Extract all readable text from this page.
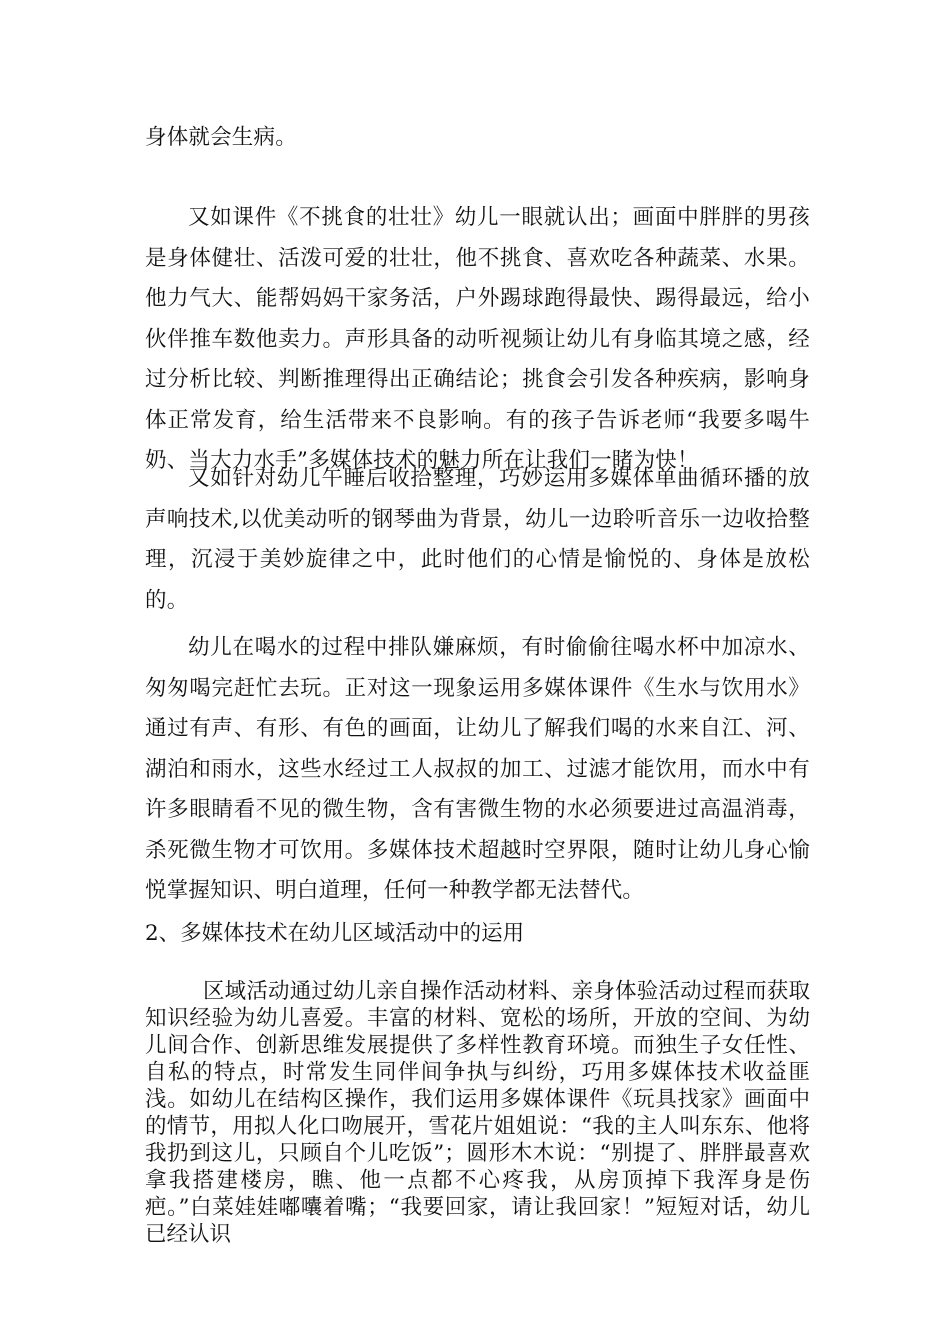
身体就会生病。

又如课件《不挑食的壮壮》幼儿一眼就认出；画面中胖胖的男孩是身体健壮、活泼可爱的壮壮，他不挑食、喜欢吃各种蔬菜、水果。他力气大、能帮妈妈干家务活，户外踢球跑得最快、踢得最远，给小伙伴推车数他卖力。声形具备的动听视频让幼儿有身临其境之感，经过分析比较、判断推理得出正确结论；挑食会引发各种疾病，影响身体正常发育，给生活带来不良影响。有的孩子告诉老师“我要多喝牛奶、当大力水手”多媒体技术的魅力所在让我们一睹为快！

又如针对幼儿午睡后收拾整理，巧妙运用多媒体单曲循环播的放声响技术,以优美动听的钢琴曲为背景，幼儿一边聆听音乐一边收拾整理，沉浸于美妙旋律之中，此时他们的心情是愉悦的、身体是放松的。

幼儿在喝水的过程中排队嫌麻烦，有时偷偷往喝水杯中加凉水、匆匆喝完赶忙去玩。正对这一现象运用多媒体课件《生水与饮用水》通过有声、有形、有色的画面，让幼儿了解我们喝的水来自江、河、湖泊和雨水，这些水经过工人叔叔的加工、过滤才能饮用，而水中有许多眼睛看不见的微生物，含有害微生物的水必须要进过高温消毒，杀死微生物才可饮用。多媒体技术超越时空界限，随时让幼儿身心愉悦掌握知识、明白道理，任何一种教学都无法替代。

2、多媒体技术在幼儿区域活动中的运用

区域活动通过幼儿亲自操作活动材料、亲身体验活动过程而获取知识经验为幼儿喜爱。丰富的材料、宽松的场所，开放的空间、为幼儿间合作、创新思维发展提供了多样性教育环境。而独生子女任性、自私的特点，时常发生同伴间争执与纠纷，巧用多媒体技术收益匪浅。如幼儿在结构区操作，我们运用多媒体课件《玩具找家》画面中的情节，用拟人化口吻展开，雪花片姐姐说：“我的主人叫东东、他将我扔到这儿，只顾自个儿吃饭”；圆形木木说：“别提了、胖胖最喜欢拿我搭建楼房，瞧、他一点都不心疼我，从房顶掉下我浑身是伤疤。”白菜娃娃嘟囔着嘴；“我要回家，请让我回家！”短短对话，幼儿已经认识
